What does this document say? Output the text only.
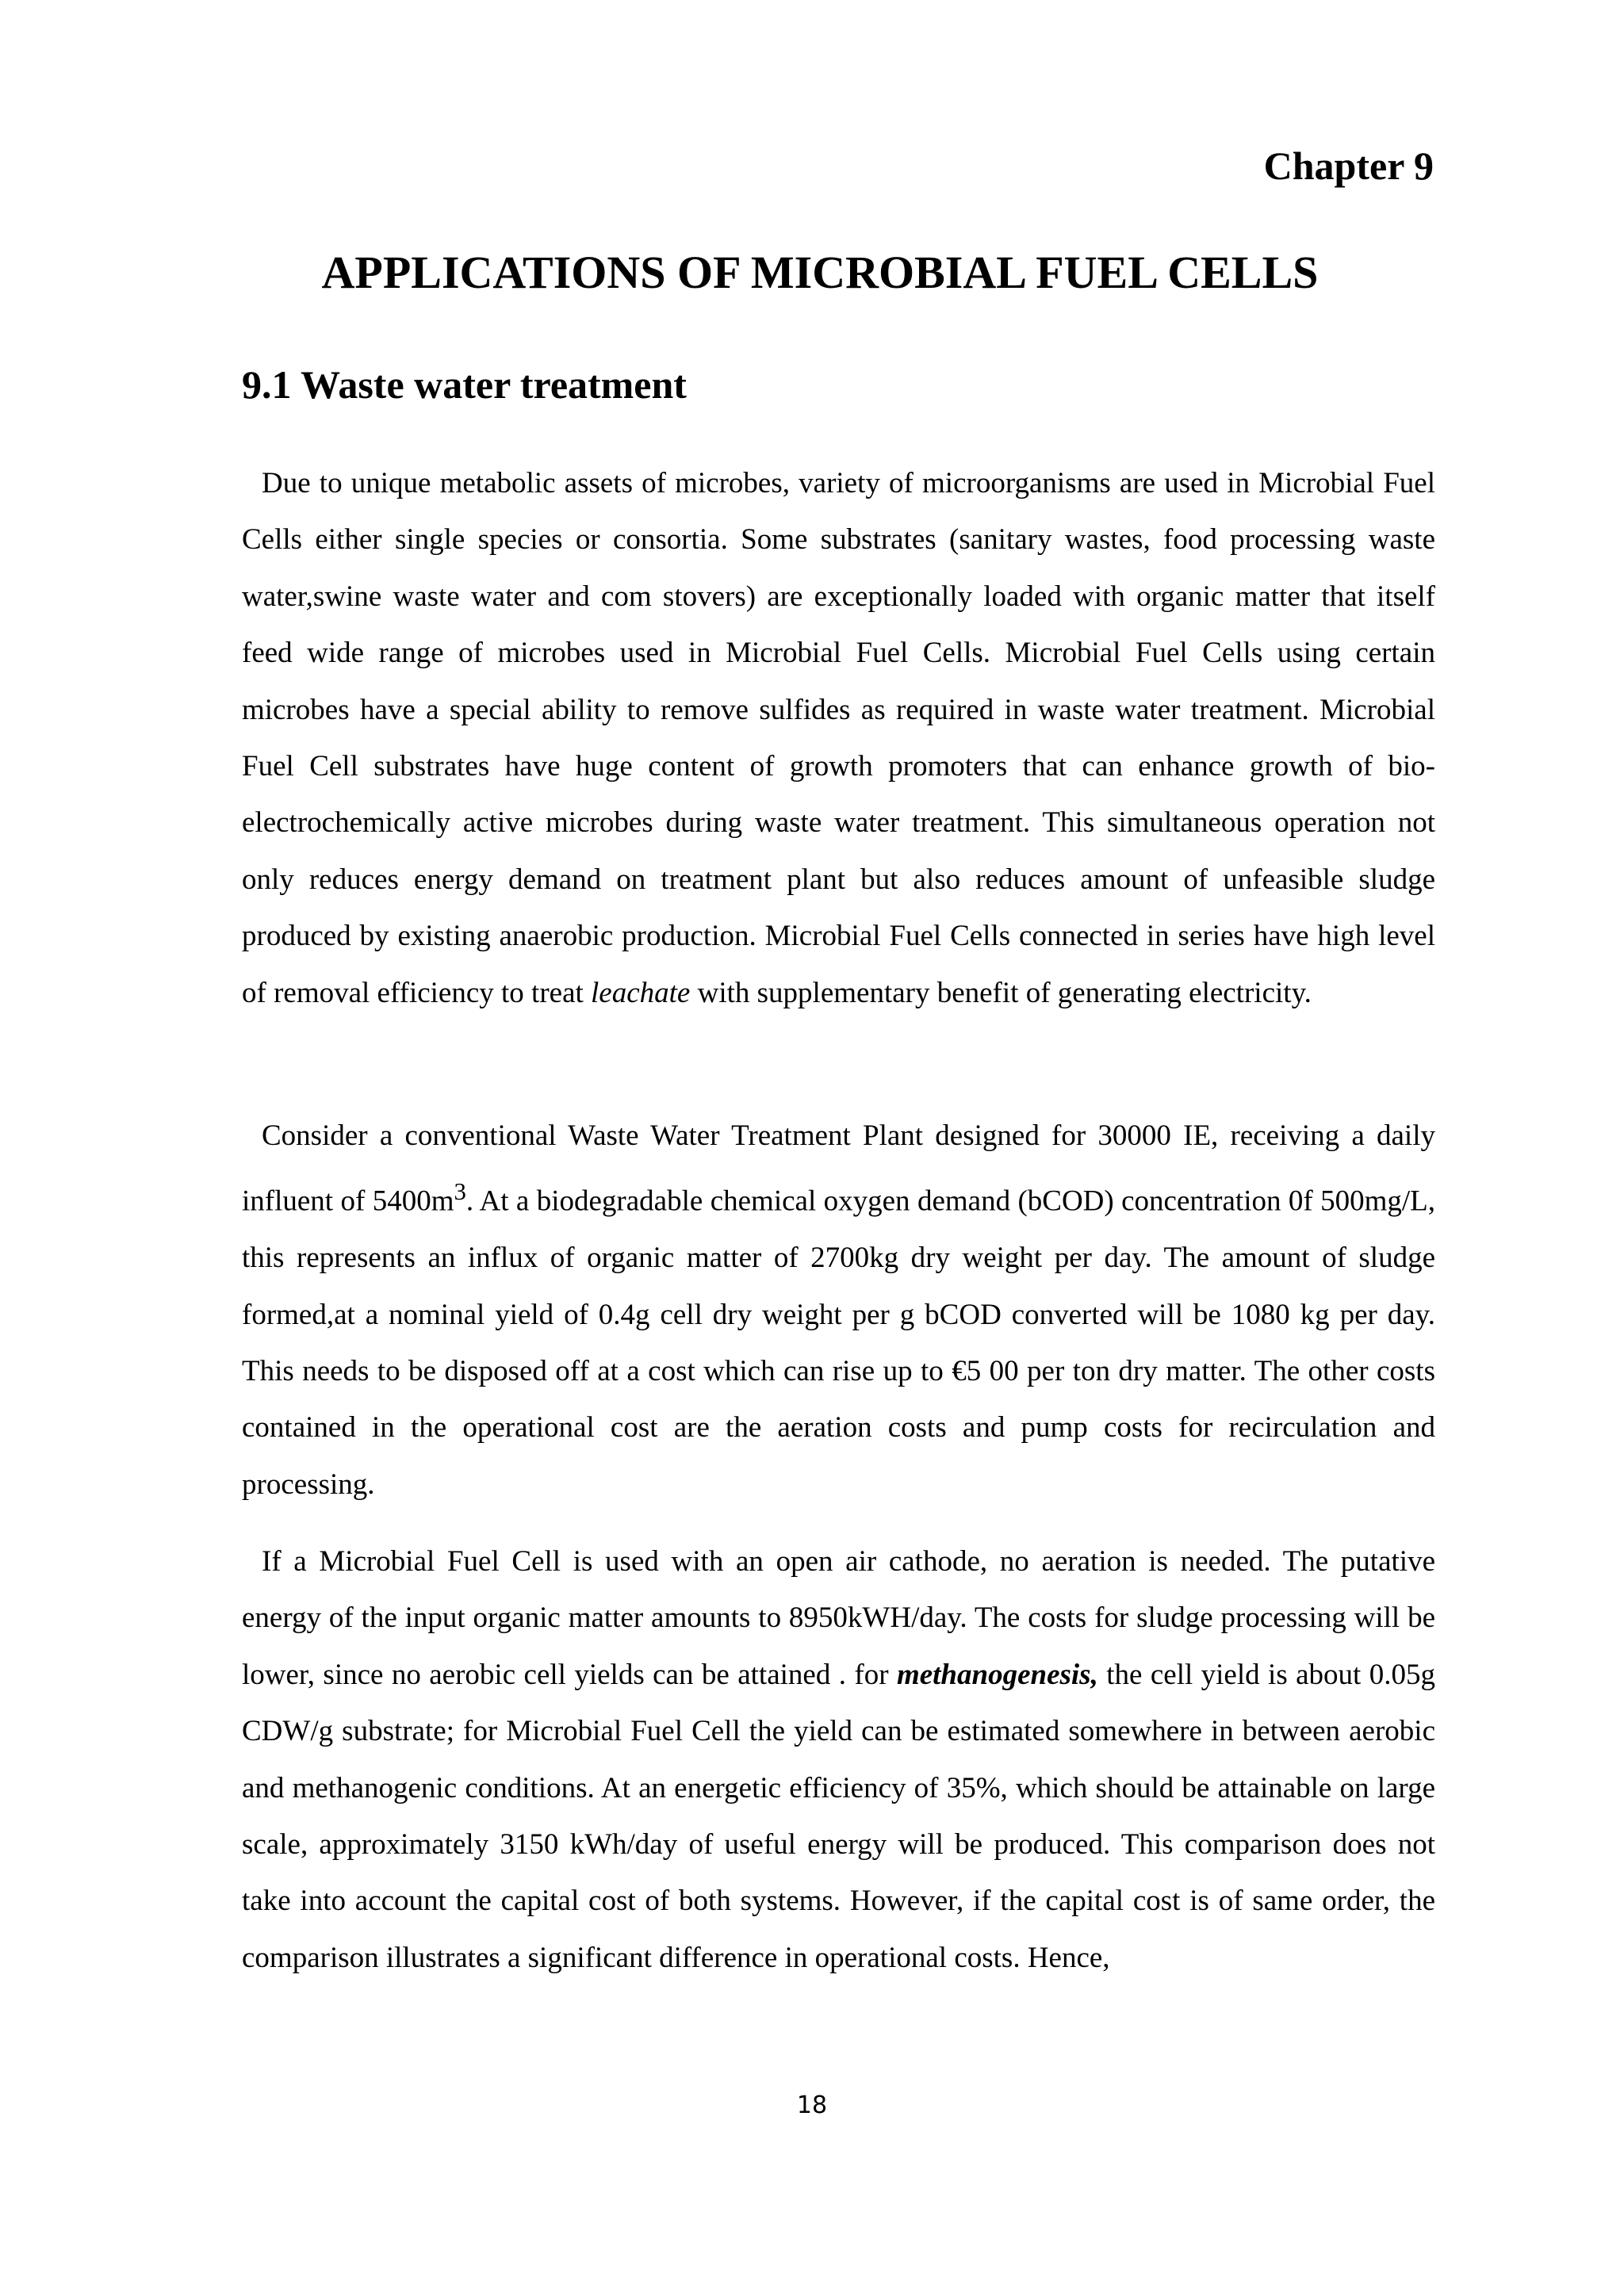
Chapter 9
APPLICATIONS OF MICROBIAL FUEL CELLS
9.1 Waste water treatment

Due to unique metabolic assets of microbes, variety of microorganisms are used in Microbial Fuel Cells either single species or consortia. Some substrates (sanitary wastes, food processing waste water,swine waste water and com stovers) are exceptionally loaded with organic matter that itself feed wide range of microbes used in Microbial Fuel Cells. Microbial Fuel Cells using certain microbes have a special ability to remove sulfides as required in waste water treatment. Microbial Fuel Cell substrates have huge content of growth promoters that can enhance growth of bio-electrochemically active microbes during waste water treatment. This simultaneous operation not only reduces energy demand on treatment plant but also reduces amount of unfeasible sludge produced by existing anaerobic production. Microbial Fuel Cells connected in series have high level of removal efficiency to treat leachate with supplementary benefit of generating electricity.

Consider a conventional Waste Water Treatment Plant designed for 30000 IE, receiving a daily influent of $5400m^3$. At a biodegradable chemical oxygen demand (bCOD) concentration 0f 500mg/L, this represents an influx of organic matter of 2700kg dry weight per day. The amount of sludge formed,at a nominal yield of 0.4g cell dry weight per g bCOD converted will be 1080 kg per day. This needs to be disposed off at a cost which can rise up to €5 00 per ton dry matter. The other costs contained in the operational cost are the aeration costs and pump costs for recirculation and processing.

If a Microbial Fuel Cell is used with an open air cathode, no aeration is needed. The putative energy of the input organic matter amounts to 8950kWH/day. The costs for sludge processing will be lower, since no aerobic cell yields can be attained . for methanogenesis, the cell yield is about 0.05g CDW/g substrate; for Microbial Fuel Cell the yield can be estimated somewhere in between aerobic and methanogenic conditions. At an energetic efficiency of 35%, which should be attainable on large scale, approximately 3150 kWh/day of useful energy will be produced. This comparison does not take into account the capital cost of both systems. However, if the capital cost is of same order, the comparison illustrates a significant difference in operational costs. Hence,

18
